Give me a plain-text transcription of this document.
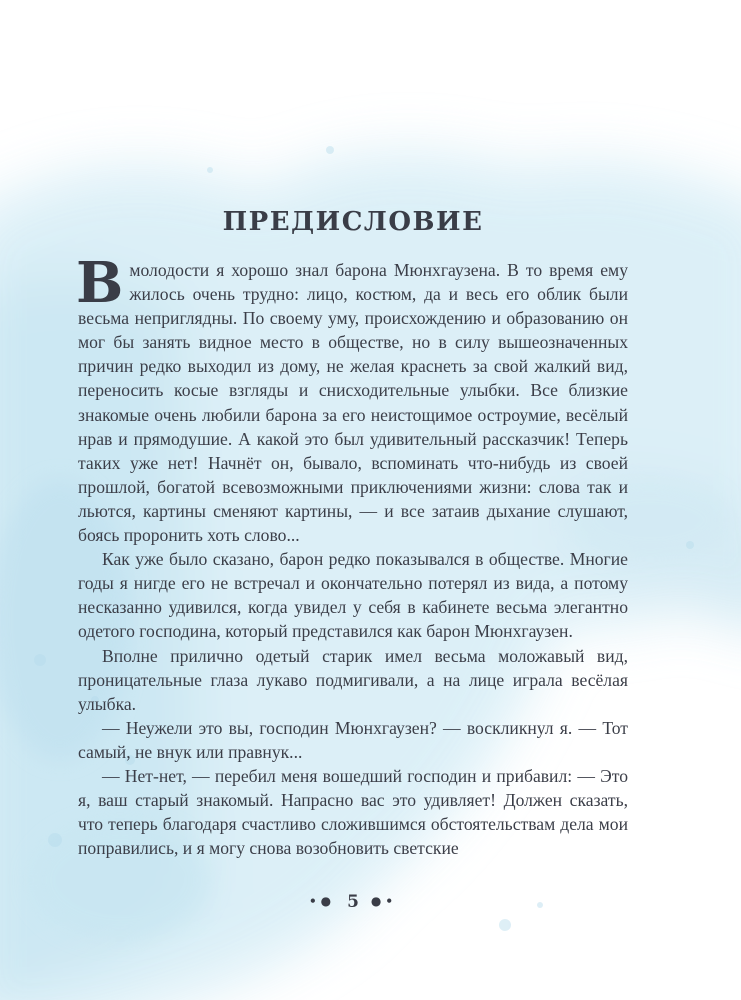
ПРЕДИСЛОВИЕ

В молодости я хорошо знал барона Мюнхгаузена. В то время ему жилось очень трудно: лицо, костюм, да и весь его облик были весьма неприглядны. По своему уму, происхождению и образованию он мог бы занять видное место в обществе, но в силу вышеозначенных причин редко выходил из дому, не желая краснеть за свой жалкий вид, переносить косые взгляды и снисходительные улыбки. Все близкие знакомые очень любили барона за его неистощимое остроумие, весёлый нрав и прямодушие. А какой это был удивительный рассказчик! Теперь таких уже нет! Начнёт он, бывало, вспоминать что-нибудь из своей прошлой, богатой всевозможными приключениями жизни: слова так и льются, картины сменяют картины, — и все затаив дыхание слушают, боясь проронить хоть слово...

Как уже было сказано, барон редко показывался в обществе. Многие годы я нигде его не встречал и окончательно потерял из вида, а потому несказанно удивился, когда увидел у себя в кабинете весьма элегантно одетого господина, который представился как барон Мюнхгаузен.

Вполне прилично одетый старик имел весьма моложавый вид, проницательные глаза лукаво подмигивали, а на лице играла весёлая улыбка.

— Неужели это вы, господин Мюнхгаузен? — воскликнул я. — Тот самый, не внук или правнук...

— Нет-нет, — перебил меня вошедший господин и прибавил: — Это я, ваш старый знакомый. Напрасно вас это удивляет! Должен сказать, что теперь благодаря счастливо сложившимся обстоятельствам дела мои поправились, и я могу снова возобновить светские

•● 5 ●•
